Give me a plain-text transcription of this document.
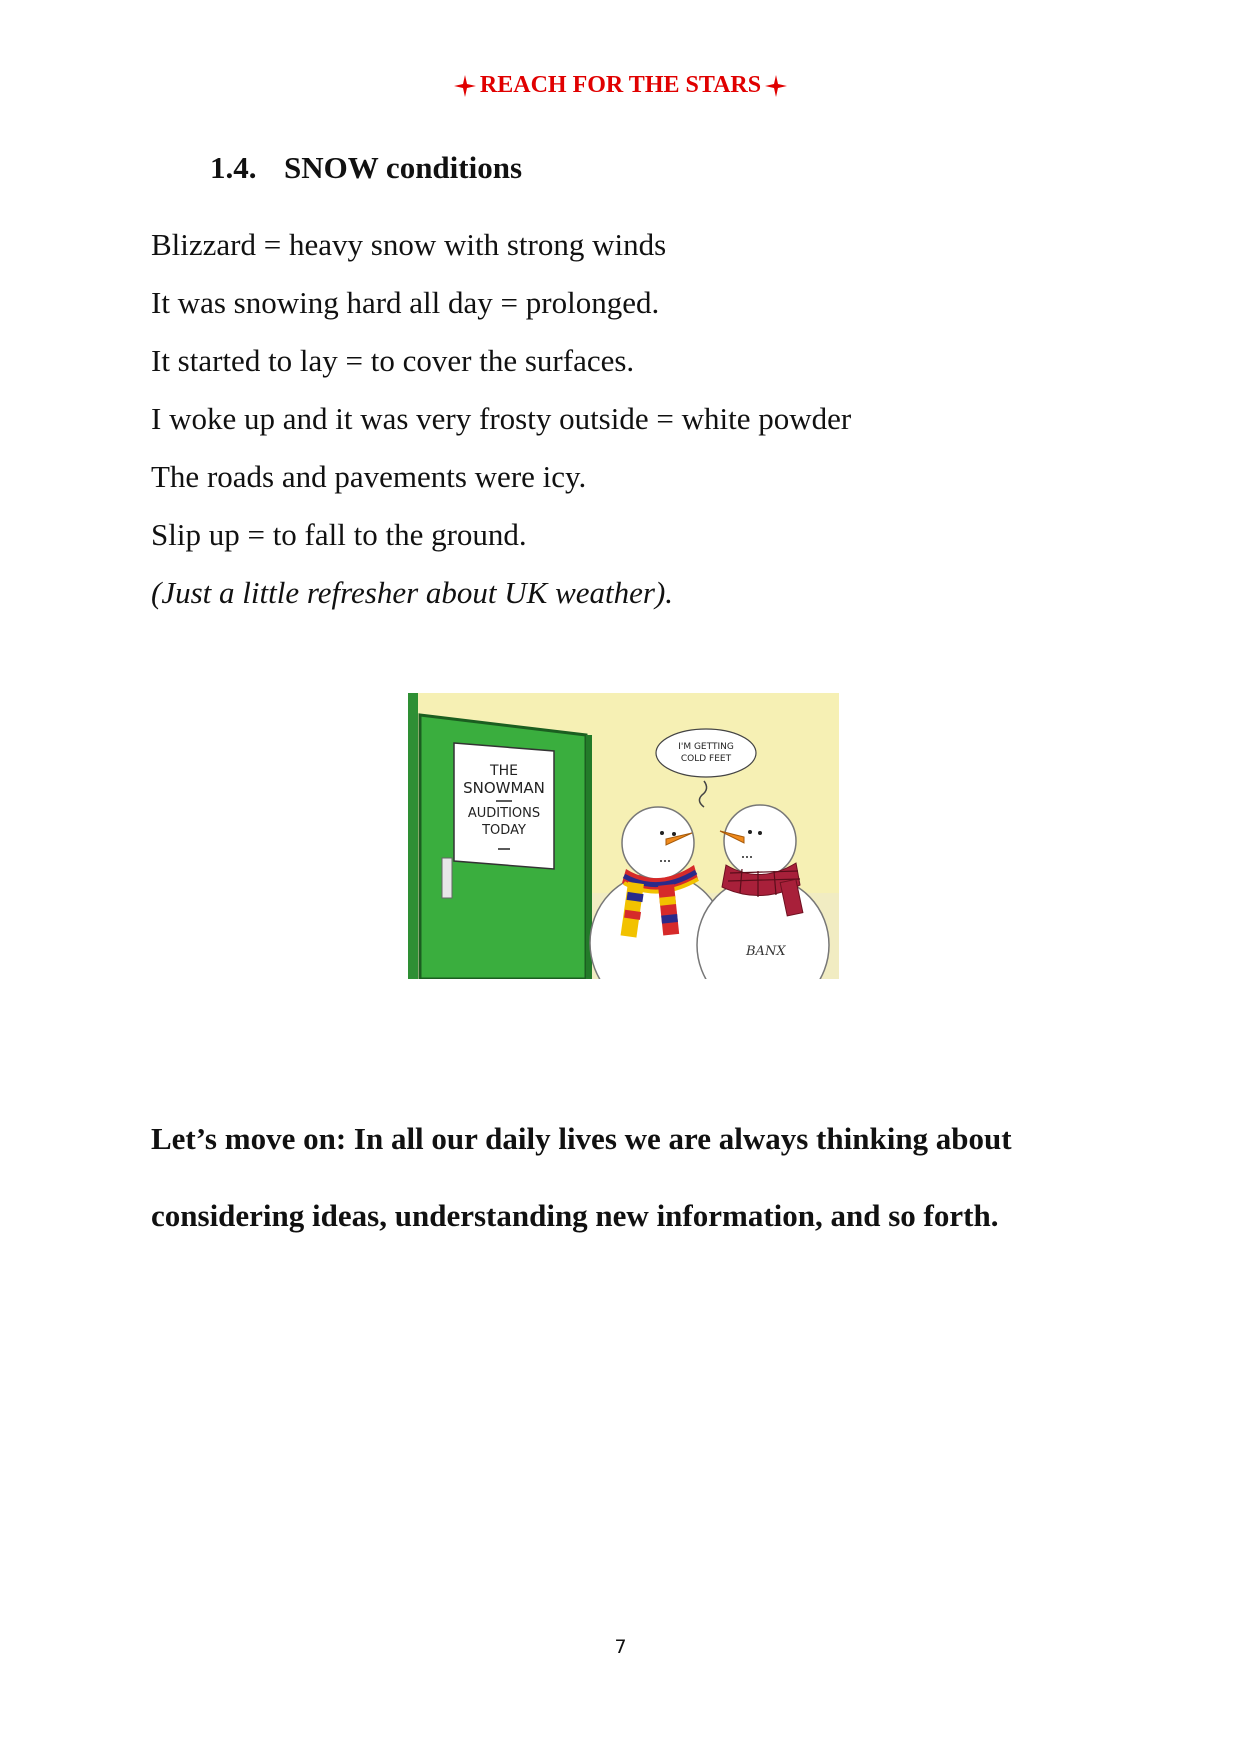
REACH FOR THE STARS
1.4. SNOW conditions
Blizzard = heavy snow with strong winds
It was snowing hard all day = prolonged.
It started to lay = to cover the surfaces.
I woke up and it was very frosty outside = white powder
The roads and pavements were icy.
Slip up = to fall to the ground.
(Just a little refresher about UK weather).
THE
SNOWMAN
AUDITIONS
TODAY
I'M GETTING
COLD FEET
BANX

Let’s move on: In all our daily lives we are always thinking about

considering ideas, understanding new information, and so forth.

7
